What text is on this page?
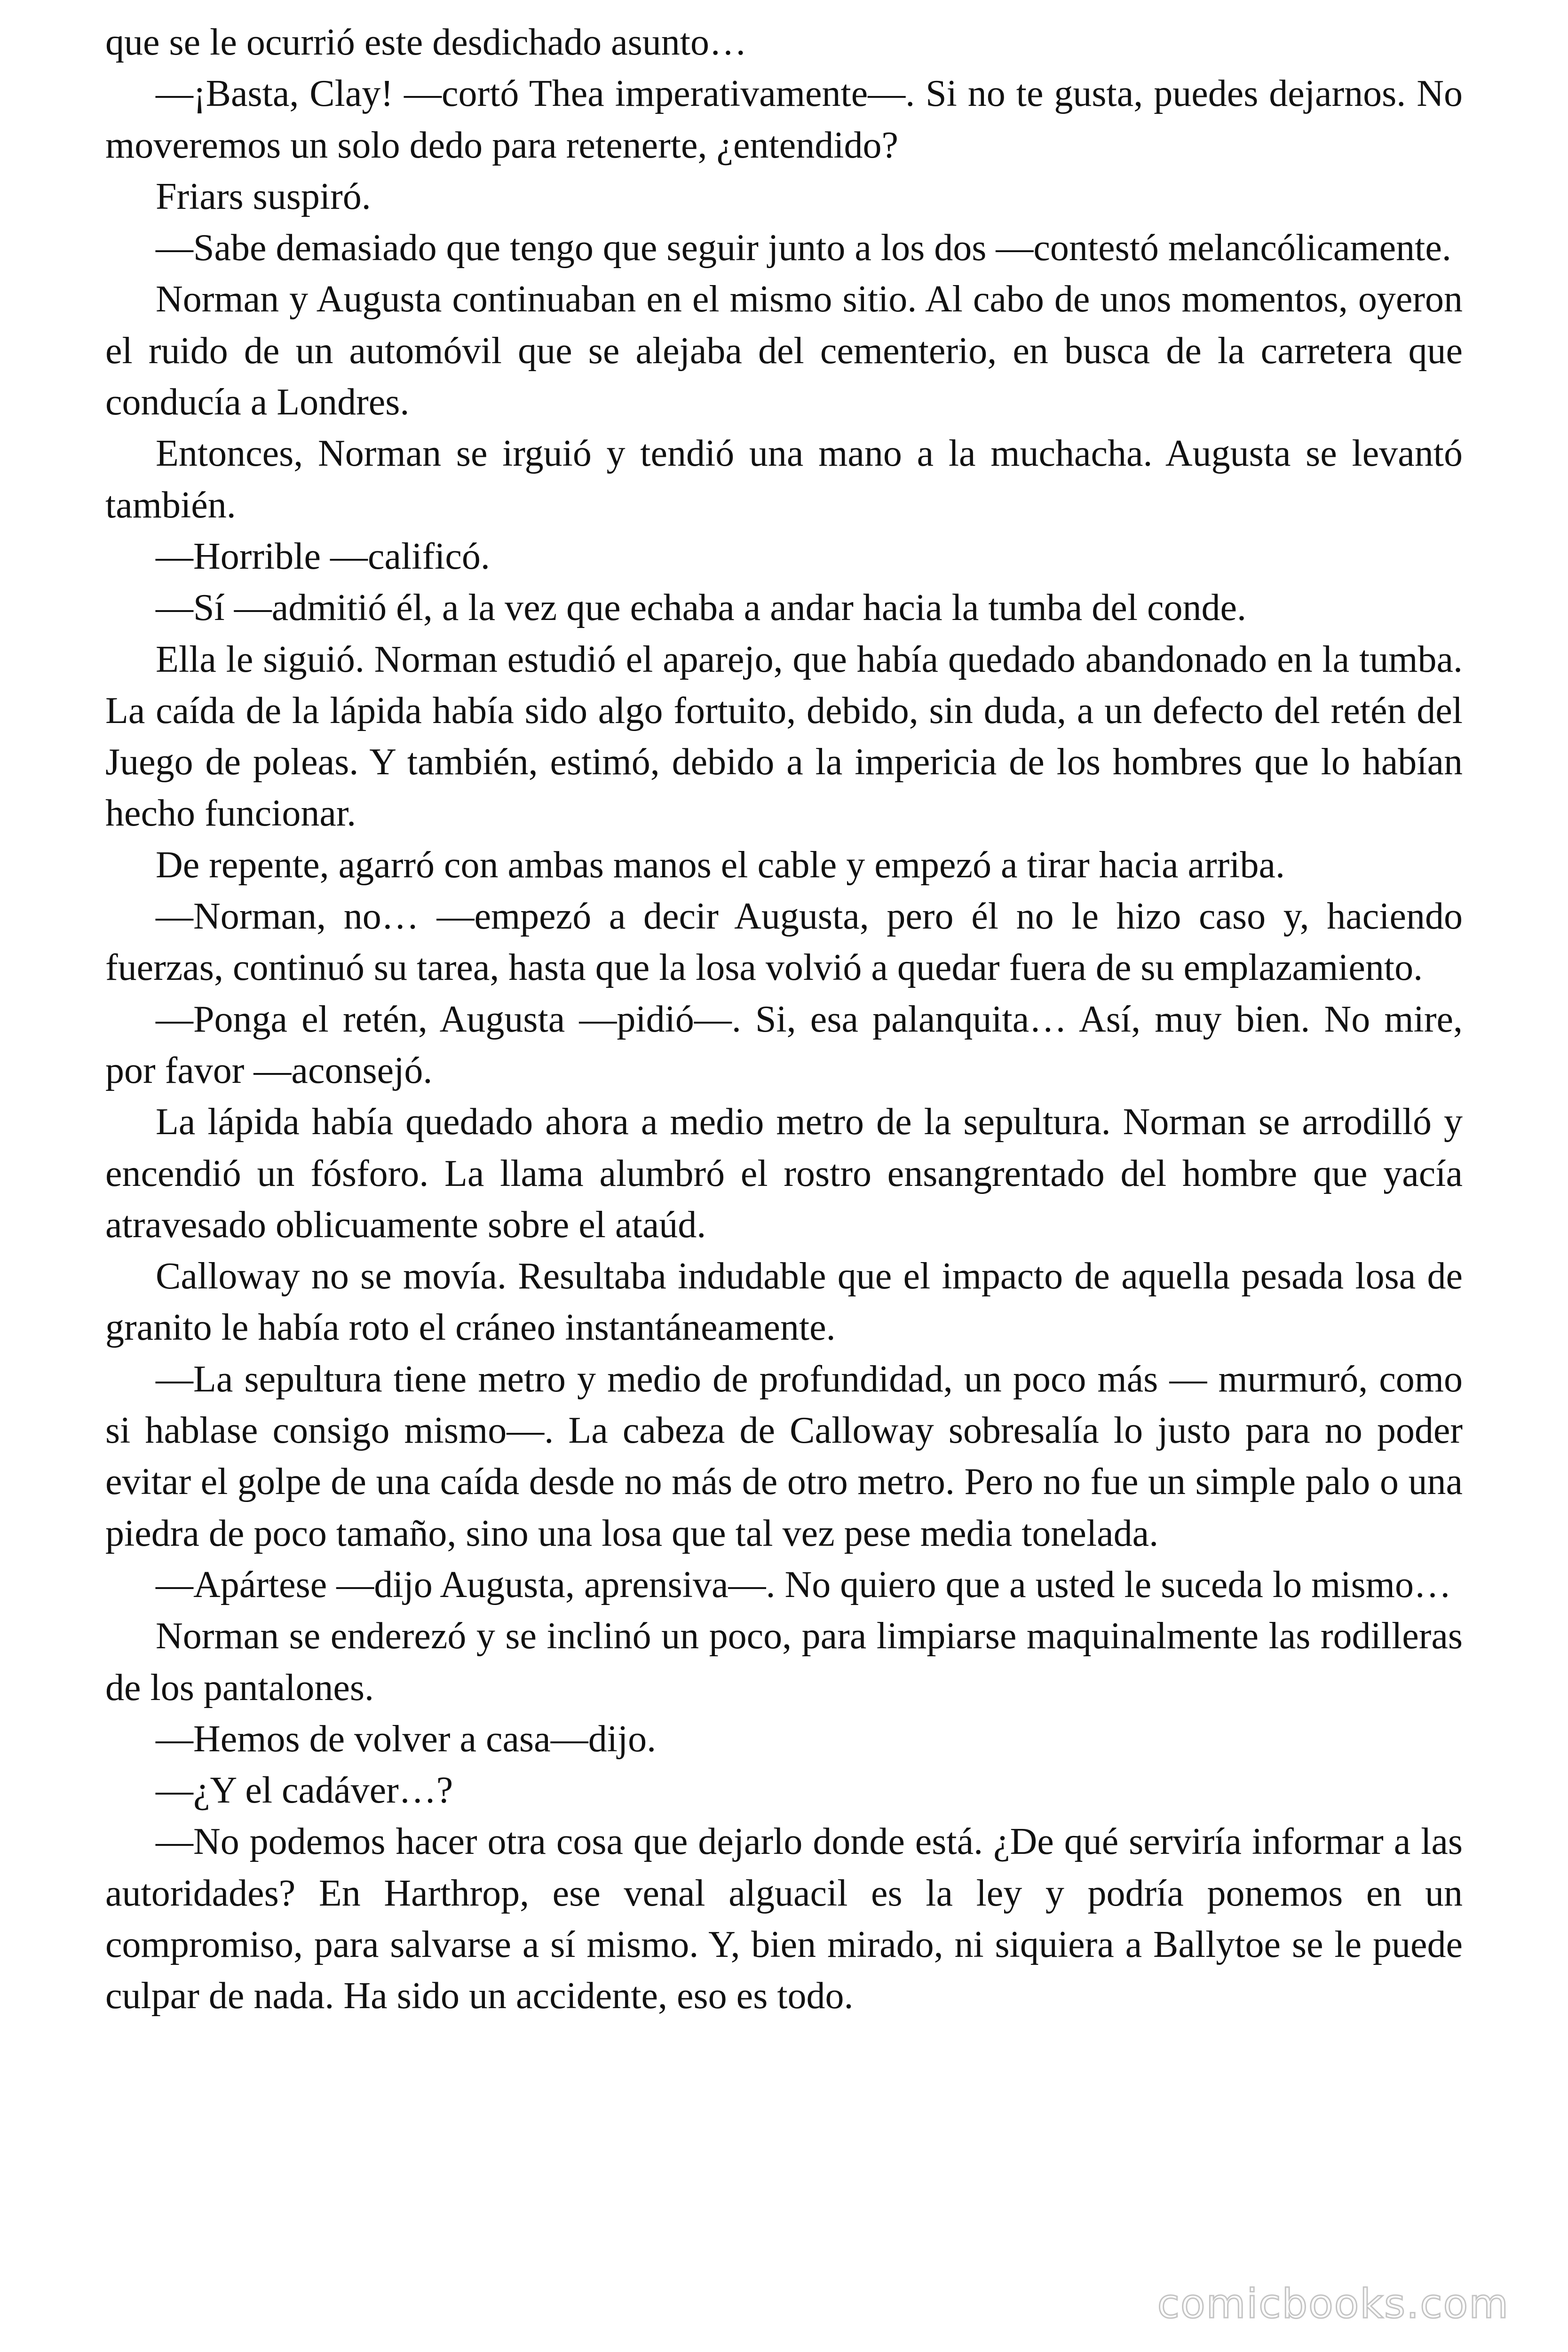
que se le ocurrió este desdichado asunto…

—¡Basta, Clay! —cortó Thea imperativamente—. Si no te gusta, puedes dejarnos. No moveremos un solo dedo para retenerte, ¿entendido?

Friars suspiró.

—Sabe demasiado que tengo que seguir junto a los dos —contestó melancólicamente.

Norman y Augusta continuaban en el mismo sitio. Al cabo de unos momentos, oyeron el ruido de un automóvil que se alejaba del cementerio, en busca de la carretera que conducía a Londres.

Entonces, Norman se irguió y tendió una mano a la muchacha. Augusta se levantó también.

—Horrible —calificó.

—Sí —admitió él, a la vez que echaba a andar hacia la tumba del conde.

Ella le siguió. Norman estudió el aparejo, que había quedado abandonado en la tumba. La caída de la lápida había sido algo fortuito, debido, sin duda, a un defecto del retén del Juego de poleas. Y también, estimó, debido a la impericia de los hombres que lo habían hecho funcionar.

De repente, agarró con ambas manos el cable y empezó a tirar hacia arriba.

—Norman, no… —empezó a decir Augusta, pero él no le hizo caso y, haciendo fuerzas, continuó su tarea, hasta que la losa volvió a quedar fuera de su emplazamiento.

—Ponga el retén, Augusta —pidió—. Si, esa palanquita… Así, muy bien. No mire, por favor —aconsejó.

La lápida había quedado ahora a medio metro de la sepultura. Norman se arrodilló y encendió un fósforo. La llama alumbró el rostro ensangrentado del hombre que yacía atravesado oblicuamente sobre el ataúd.

Calloway no se movía. Resultaba indudable que el impacto de aquella pesada losa de granito le había roto el cráneo instantáneamente.

—La sepultura tiene metro y medio de profundidad, un poco más — murmuró, como si hablase consigo mismo—. La cabeza de Calloway sobresalía lo justo para no poder evitar el golpe de una caída desde no más de otro metro. Pero no fue un simple palo o una piedra de poco tamaño, sino una losa que tal vez pese media tonelada.

—Apártese —dijo Augusta, aprensiva—. No quiero que a usted le suceda lo mismo…

Norman se enderezó y se inclinó un poco, para limpiarse maquinalmente las rodilleras de los pantalones.

—Hemos de volver a casa—dijo.

—¿Y el cadáver…?

—No podemos hacer otra cosa que dejarlo donde está. ¿De qué serviría informar a las autoridades? En Harthrop, ese venal alguacil es la ley y podría ponemos en un compromiso, para salvarse a sí mismo. Y, bien mirado, ni siquiera a Ballytoe se le puede culpar de nada. Ha sido un accidente, eso es todo.

comicbooks.com
